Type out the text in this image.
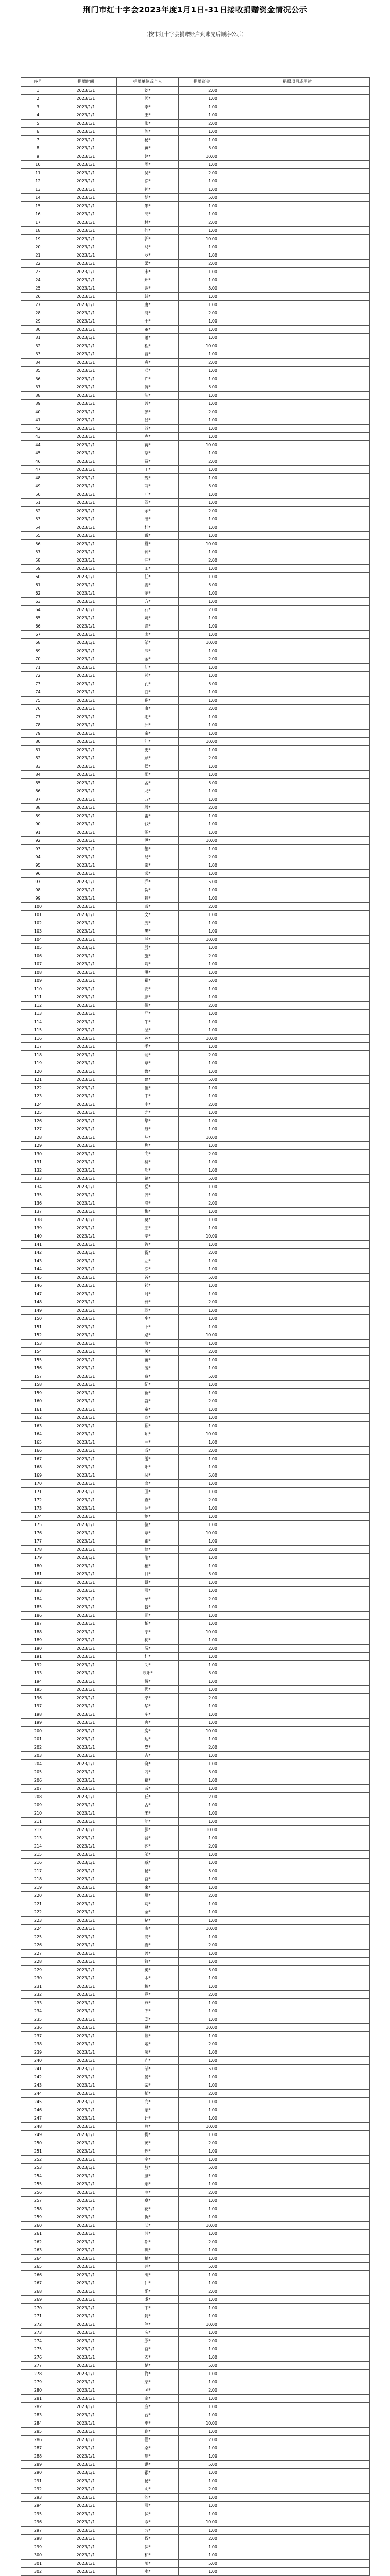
荆门市红十字会2023年度1月1日-31日接收捐赠资金情况公示
（按市红十字会捐赠账户到账先后顺序公示）
序号	捐赠时间	捐赠单位或个人	捐赠资金	捐赠项目或用途
1	2023/1/1	刘*	2.00	
2	2023/1/1	郭*	1.00	
3	2023/1/1	李*	1.00	
4	2023/1/1	王*	1.00	
5	2023/1/1	张*	2.00	
6	2023/1/1	陈*	1.00	
7	2023/1/1	杨*	1.00	
8	2023/1/1	黄*	5.00	
9	2023/1/1	赵*	10.00	
10	2023/1/1	周*	1.00	
11	2023/1/1	吴*	2.00	
12	2023/1/1	徐*	1.00	
13	2023/1/1	孙*	1.00	
14	2023/1/1	胡*	5.00	
15	2023/1/1	朱*	1.00	
16	2023/1/1	高*	1.00	
17	2023/1/1	林*	2.00	
18	2023/1/1	何*	1.00	
19	2023/1/1	郭*	10.00	
20	2023/1/1	马*	1.00	
21	2023/1/1	罗*	1.00	
22	2023/1/1	梁*	2.00	
23	2023/1/1	宋*	1.00	
24	2023/1/1	郑*	1.00	
25	2023/1/1	谢*	5.00	
26	2023/1/1	韩*	1.00	
27	2023/1/1	唐*	1.00	
28	2023/1/1	冯*	2.00	
29	2023/1/1	于*	1.00	
30	2023/1/1	董*	1.00	
31	2023/1/1	萧*	1.00	
32	2023/1/1	程*	10.00	
33	2023/1/1	曹*	1.00	
34	2023/1/1	袁*	2.00	
35	2023/1/1	邓*	1.00	
36	2023/1/1	许*	1.00	
37	2023/1/1	傅*	5.00	
38	2023/1/1	沈*	1.00	
39	2023/1/1	曾*	1.00	
40	2023/1/1	彭*	2.00	
41	2023/1/1	吕*	1.00	
42	2023/1/1	苏*	1.00	
43	2023/1/1	卢*	1.00	
44	2023/1/1	蒋*	10.00	
45	2023/1/1	蔡*	1.00	
46	2023/1/1	贾*	2.00	
47	2023/1/1	丁*	1.00	
48	2023/1/1	魏*	1.00	
49	2023/1/1	薛*	5.00	
50	2023/1/1	叶*	1.00	
51	2023/1/1	阎*	1.00	
52	2023/1/1	余*	2.00	
53	2023/1/1	潘*	1.00	
54	2023/1/1	杜*	1.00	
55	2023/1/1	戴*	1.00	
56	2023/1/1	夏*	10.00	
57	2023/1/1	钟*	1.00	
58	2023/1/1	汪*	2.00	
59	2023/1/1	田*	1.00	
60	2023/1/1	任*	1.00	
61	2023/1/1	姜*	5.00	
62	2023/1/1	范*	1.00	
63	2023/1/1	方*	1.00	
64	2023/1/1	石*	2.00	
65	2023/1/1	姚*	1.00	
66	2023/1/1	谭*	1.00	
67	2023/1/1	廖*	1.00	
68	2023/1/1	邹*	10.00	
69	2023/1/1	熊*	1.00	
70	2023/1/1	金*	2.00	
71	2023/1/1	陆*	1.00	
72	2023/1/1	郝*	1.00	
73	2023/1/1	孔*	5.00	
74	2023/1/1	白*	1.00	
75	2023/1/1	崔*	1.00	
76	2023/1/1	康*	2.00	
77	2023/1/1	毛*	1.00	
78	2023/1/1	邱*	1.00	
79	2023/1/1	秦*	1.00	
80	2023/1/1	江*	10.00	
81	2023/1/1	史*	1.00	
82	2023/1/1	顾*	2.00	
83	2023/1/1	侯*	1.00	
84	2023/1/1	邵*	1.00	
85	2023/1/1	孟*	5.00	
86	2023/1/1	龙*	1.00	
87	2023/1/1	万*	1.00	
88	2023/1/1	段*	2.00	
89	2023/1/1	雷*	1.00	
90	2023/1/1	钱*	1.00	
91	2023/1/1	汤*	1.00	
92	2023/1/1	尹*	10.00	
93	2023/1/1	黎*	1.00	
94	2023/1/1	易*	2.00	
95	2023/1/1	常*	1.00	
96	2023/1/1	武*	1.00	
97	2023/1/1	乔*	5.00	
98	2023/1/1	贺*	1.00	
99	2023/1/1	赖*	1.00	
100	2023/1/1	龚*	2.00	
101	2023/1/1	文*	1.00	
102	2023/1/1	庞*	1.00	
103	2023/1/1	樊*	1.00	
104	2023/1/1	兰*	10.00	
105	2023/1/1	殷*	1.00	
106	2023/1/1	施*	2.00	
107	2023/1/1	陶*	1.00	
108	2023/1/1	洪*	1.00	
109	2023/1/1	翟*	5.00	
110	2023/1/1	安*	1.00	
111	2023/1/1	颜*	1.00	
112	2023/1/1	倪*	2.00	
113	2023/1/1	严*	1.00	
114	2023/1/1	牛*	1.00	
115	2023/1/1	温*	1.00	
116	2023/1/1	芦*	10.00	
117	2023/1/1	季*	1.00	
118	2023/1/1	俞*	2.00	
119	2023/1/1	章*	1.00	
120	2023/1/1	鲁*	1.00	
121	2023/1/1	葛*	5.00	
122	2023/1/1	伍*	1.00	
123	2023/1/1	韦*	1.00	
124	2023/1/1	申*	2.00	
125	2023/1/1	尤*	1.00	
126	2023/1/1	毕*	1.00	
127	2023/1/1	聂*	1.00	
128	2023/1/1	丛*	10.00	
129	2023/1/1	焦*	1.00	
130	2023/1/1	向*	2.00	
131	2023/1/1	柳*	1.00	
132	2023/1/1	邢*	1.00	
133	2023/1/1	路*	5.00	
134	2023/1/1	岳*	1.00	
135	2023/1/1	齐*	1.00	
136	2023/1/1	沿*	2.00	
137	2023/1/1	梅*	1.00	
138	2023/1/1	莫*	1.00	
139	2023/1/1	庄*	1.00	
140	2023/1/1	辛*	10.00	
141	2023/1/1	管*	1.00	
142	2023/1/1	祝*	2.00	
143	2023/1/1	左*	1.00	
144	2023/1/1	涂*	1.00	
145	2023/1/1	谷*	5.00	
146	2023/1/1	祁*	1.00	
147	2023/1/1	时*	1.00	
148	2023/1/1	舒*	2.00	
149	2023/1/1	耿*	1.00	
150	2023/1/1	牟*	1.00	
151	2023/1/1	卜*	1.00	
152	2023/1/1	路*	10.00	
153	2023/1/1	詹*	1.00	
154	2023/1/1	关*	2.00	
155	2023/1/1	苗*	1.00	
156	2023/1/1	凌*	1.00	
157	2023/1/1	费*	5.00	
158	2023/1/1	纪*	1.00	
159	2023/1/1	靳*	1.00	
160	2023/1/1	盛*	2.00	
161	2023/1/1	童*	1.00	
162	2023/1/1	欧*	1.00	
163	2023/1/1	甄*	1.00	
164	2023/1/1	项*	10.00	
165	2023/1/1	曲*	1.00	
166	2023/1/1	成*	2.00	
167	2023/1/1	游*	1.00	
168	2023/1/1	阳*	1.00	
169	2023/1/1	裴*	5.00	
170	2023/1/1	席*	1.00	
171	2023/1/1	卫*	1.00	
172	2023/1/1	查*	2.00	
173	2023/1/1	屈*	1.00	
174	2023/1/1	鲍*	1.00	
175	2023/1/1	位*	1.00	
176	2023/1/1	覃*	10.00	
177	2023/1/1	霍*	1.00	
178	2023/1/1	翁*	2.00	
179	2023/1/1	隋*	1.00	
180	2023/1/1	植*	1.00	
181	2023/1/1	甘*	5.00	
182	2023/1/1	景*	1.00	
183	2023/1/1	薄*	1.00	
184	2023/1/1	单*	2.00	
185	2023/1/1	包*	1.00	
186	2023/1/1	司*	1.00	
187	2023/1/1	柏*	1.00	
188	2023/1/1	宁*	10.00	
189	2023/1/1	柯*	1.00	
190	2023/1/1	阮*	2.00	
191	2023/1/1	桂*	1.00	
192	2023/1/1	闵*	1.00	
193	2023/1/1	欧阳*	5.00	
194	2023/1/1	解*	1.00	
195	2023/1/1	强*	1.00	
196	2023/1/1	柴*	2.00	
197	2023/1/1	华*	1.00	
198	2023/1/1	车*	1.00	
199	2023/1/1	冉*	1.00	
200	2023/1/1	房*	10.00	
201	2023/1/1	边*	1.00	
202	2023/1/1	辜*	2.00	
203	2023/1/1	吉*	1.00	
204	2023/1/1	饶*	1.00	
205	2023/1/1	刁*	5.00	
206	2023/1/1	瞿*	1.00	
207	2023/1/1	戚*	1.00	
208	2023/1/1	丘*	2.00	
209	2023/1/1	古*	1.00	
210	2023/1/1	米*	1.00	
211	2023/1/1	池*	1.00	
212	2023/1/1	滕*	10.00	
213	2023/1/1	晋*	1.00	
214	2023/1/1	苑*	2.00	
215	2023/1/1	邬*	1.00	
216	2023/1/1	臧*	1.00	
217	2023/1/1	畅*	5.00	
218	2023/1/1	宫*	1.00	
219	2023/1/1	来*	1.00	
220	2023/1/1	嵺*	2.00	
221	2023/1/1	苟*	1.00	
222	2023/1/1	全*	1.00	
223	2023/1/1	褚*	1.00	
224	2023/1/1	廉*	10.00	
225	2023/1/1	简*	1.00	
226	2023/1/1	娄*	2.00	
227	2023/1/1	盖*	1.00	
228	2023/1/1	符*	1.00	
229	2023/1/1	奚*	5.00	
230	2023/1/1	木*	1.00	
231	2023/1/1	穆*	1.00	
232	2023/1/1	党*	2.00	
233	2023/1/1	燕*	1.00	
234	2023/1/1	郎*	1.00	
235	2023/1/1	邸*	1.00	
236	2023/1/1	冀*	10.00	
237	2023/1/1	谈*	1.00	
238	2023/1/1	姬*	2.00	
239	2023/1/1	屠*	1.00	
240	2023/1/1	连*	1.00	
241	2023/1/1	郜*	5.00	
242	2023/1/1	晏*	1.00	
243	2023/1/1	栾*	1.00	
244	2023/1/1	郁*	2.00	
245	2023/1/1	商*	1.00	
246	2023/1/1	蒙*	1.00	
247	2023/1/1	计*	1.00	
248	2023/1/1	喻*	10.00	
249	2023/1/1	揭*	1.00	
250	2023/1/1	窦*	2.00	
251	2023/1/1	迟*	1.00	
252	2023/1/1	宇*	1.00	
253	2023/1/1	敖*	5.00	
254	2023/1/1	糜*	1.00	
255	2023/1/1	鄢*	1.00	
256	2023/1/1	冷*	2.00	
257	2023/1/1	卓*	1.00	
258	2023/1/1	花*	1.00	
259	2023/1/1	仇*	1.00	
260	2023/1/1	艾*	10.00	
261	2023/1/1	蓝*	1.00	
262	2023/1/1	都*	2.00	
263	2023/1/1	巩*	1.00	
264	2023/1/1	稽*	1.00	
265	2023/1/1	井*	5.00	
266	2023/1/1	练*	1.00	
267	2023/1/1	仲*	1.00	
268	2023/1/1	乐*	2.00	
269	2023/1/1	虞*	1.00	
270	2023/1/1	卞*	1.00	
271	2023/1/1	封*	1.00	
272	2023/1/1	竺*	10.00	
273	2023/1/1	冼*	1.00	
274	2023/1/1	原*	2.00	
275	2023/1/1	官*	1.00	
276	2023/1/1	衣*	1.00	
277	2023/1/1	楚*	5.00	
278	2023/1/1	佟*	1.00	
279	2023/1/1	栗*	1.00	
280	2023/1/1	匡*	2.00	
281	2023/1/1	宗*	1.00	
282	2023/1/1	应*	1.00	
283	2023/1/1	台*	1.00	
284	2023/1/1	巫*	10.00	
285	2023/1/1	鞠*	1.00	
286	2023/1/1	僧*	2.00	
287	2023/1/1	桑*	1.00	
288	2023/1/1	荆*	1.00	
289	2023/1/1	谌*	5.00	
290	2023/1/1	银*	1.00	
291	2023/1/1	扬*	1.00	
292	2023/1/1	明*	2.00	
293	2023/1/1	沙*	1.00	
294	2023/1/1	薄*	1.00	
295	2023/1/1	伏*	1.00	
296	2023/1/1	岑*	10.00	
297	2023/1/1	习*	1.00	
298	2023/1/1	胥*	2.00	
299	2023/1/1	保*	1.00	
300	2023/1/1	和*	1.00	
301	2023/1/1	蔺*	5.00	
302	2023/1/1	水*	1.00	
